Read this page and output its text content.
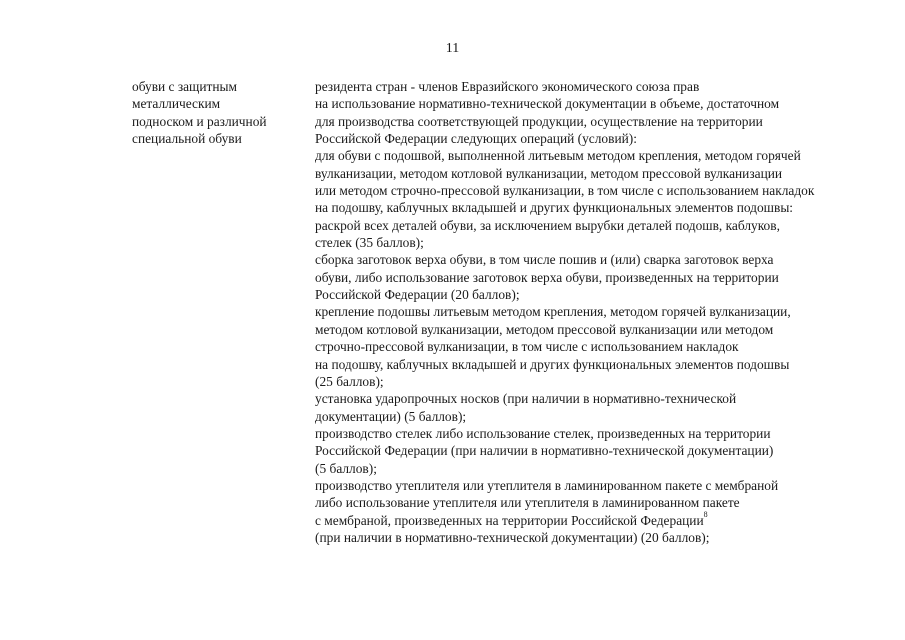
11
обуви с защитным
металлическим
подноском и различной
специальной обуви
резидента стран - членов Евразийского экономического союза прав
на использование нормативно-технической документации в объеме, достаточном
для производства соответствующей продукции, осуществление на территории
Российской Федерации следующих операций (условий):
для обуви с подошвой, выполненной литьевым методом крепления, методом горячей
вулканизации, методом котловой вулканизации, методом прессовой вулканизации
или методом строчно-прессовой вулканизации, в том числе с использованием накладок
на подошву, каблучных вкладышей и других функциональных элементов подошвы:
раскрой всех деталей обуви, за исключением вырубки деталей подошв, каблуков,
стелек (35 баллов);
сборка заготовок верха обуви, в том числе пошив и (или) сварка заготовок верха
обуви, либо использование заготовок верха обуви, произведенных на территории
Российской Федерации (20 баллов);
крепление подошвы литьевым методом крепления, методом горячей вулканизации,
методом котловой вулканизации, методом прессовой вулканизации или методом
строчно-прессовой вулканизации, в том числе с использованием накладок
на подошву, каблучных вкладышей и других функциональных элементов подошвы
(25 баллов);
установка ударопрочных носков (при наличии в нормативно-технической
документации) (5 баллов);
производство стелек либо использование стелек, произведенных на территории
Российской Федерации (при наличии в нормативно-технической документации)
(5 баллов);
производство утеплителя или утеплителя в ламинированном пакете с мембраной
либо использование утеплителя или утеплителя в ламинированном пакете
с мембраной, произведенных на территории Российской Федерации$^8$
(при наличии в нормативно-технической документации) (20 баллов);
